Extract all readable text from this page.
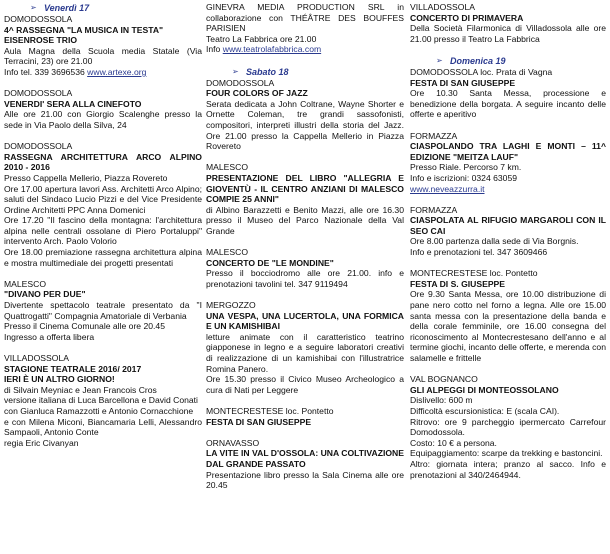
➢ Venerdì 17
DOMODOSSOLA
4^ RASSEGNA "LA MUSICA IN TESTA"
EISENROSE TRIO
Aula Magna della Scuola media Statale (Via Terracini, 23) ore 21.00
Info tel. 339 3696536 www.artexe.org
DOMODOSSOLA
VENERDI' SERA ALLA CINEFOTO
Alle ore 21.00 con Giorgio Scalenghe presso la sede in Via Paolo della Silva, 24
DOMODOSSOLA
RASSEGNA ARCHITETTURA ARCO ALPINO 2010 - 2016
Presso Cappella Mellerio, Piazza Rovereto
Ore 17.00 apertura lavori Ass. Architetti Arco Alpino; saluti del Sindaco Lucio Pizzi e del Vice Presidente Ordine Architetti PPC Anna Domenici
Ore 17.20 "Il fascino della montagna: l'architettura alpina nelle centrali ossolane di Piero Portaluppi" intervento Arch. Paolo Volorio
Ore 18.00 premiazione rassegna architettura alpina e mostra multimediale dei progetti presentati
MALESCO
"DIVANO PER DUE"
Divertente spettacolo teatrale presentato da "I Quattrogatti" Compagnia Amatoriale di Verbania
Presso il Cinema Comunale alle ore 20.45
Ingresso a offerta libera
VILLADOSSOLA
STAGIONE TEATRALE 2016/ 2017
IERI È UN ALTRO GIORNO!
di Silvain Meyniac e Jean Francois Cros
versione italiana di Luca Barcellona e David Conati
con Gianluca Ramazzotti e Antonio Cornacchione
e con Milena Miconi, Biancamaria Lelli, Alessandro Sampaoli, Antonio Conte
regia Eric Civanyan
GINEVRA MEDIA PRODUCTION SRL in collaborazione con THÉÂTRE DES BOUFFES PARISIEN
Teatro La Fabbrica ore 21.00
Info www.teatrolafabbrica.com
➢ Sabato 18
DOMODOSSOLA
FOUR COLORS OF JAZZ
Serata dedicata a John Coltrane, Wayne Shorter e Ornette Coleman, tre grandi sassofonisti, compositori, interpreti illustri della storia del Jazz. Ore 21.00 presso la Cappella Mellerio in Piazza Rovereto
MALESCO
PRESENTAZIONE DEL LIBRO "ALLEGRIA E GIOVENTÙ - IL CENTRO ANZIANI DI MALESCO COMPIE 25 ANNI"
di Albino Barazzetti e Benito Mazzi, alle ore 16.30 presso il Museo del Parco Nazionale della Val Grande
MALESCO
CONCERTO DE "LE MONDINE"
Presso il bocciodromo alle ore 21.00. info e prenotazioni tavolini tel. 347 9119494
MERGOZZO
UNA VESPA, UNA LUCERTOLA, UNA FORMICA E UN KAMISHIBAI
letture animate con il caratteristico teatrino giapponese in legno e a seguire laboratori creativi di realizzazione di un kamishibai con l'illustratrice Romina Panero.
Ore 15.30 presso il Civico Museo Archeologico a cura di Nati per Leggere
MONTECRESTESE loc. Pontetto
FESTA DI SAN GIUSEPPE
ORNAVASSO
LA VITE IN VAL D'OSSOLA: UNA COLTIVAZIONE DAL GRANDE PASSATO
Presentazione libro presso la Sala Cinema alle ore 20.45
VILLADOSSOLA
CONCERTO DI PRIMAVERA
Della Società Filarmonica di Villadossola alle ore 21.00 presso il Teatro La Fabbrica
➢ Domenica 19
DOMODOSSOLA loc. Prata di Vagna
FESTA DI SAN GIUSEPPE
Ore 10.30 Santa Messa, processione e benedizione della borgata. A seguire incanto delle offerte e aperitivo
FORMAZZA
CIASPOLANDO TRA LAGHI E MONTI – 11^ EDIZIONE "MEITZA LAUF"
Presso Riale. Percorso 7 km.
Info e iscrizioni: 0324 63059
www.neveazzurra.it
FORMAZZA
CIASPOLATA AL RIFUGIO MARGAROLI CON IL SEO CAI
Ore 8.00 partenza dalla sede di Via Borgnis.
Info e prenotazioni tel. 347 3609466
MONTECRESTESE loc. Pontetto
FESTA DI S. GIUSEPPE
Ore 9.30 Santa Messa, ore 10.00 distribuzione di pane nero cotto nel forno a legna. Alle ore 15.00 santa messa con la presentazione della banda e della corale femminile, ore 16.00 consegna del riconoscimento al Montecrestesano dell'anno e al termine giochi, incanto delle offerte, e merenda con salamelle e frittelle
VAL BOGNANCO
GLI ALPEGGI DI MONTEOSSOLANO
Dislivello: 600 m
Difficoltà escursionistica: E (scala CAI).
Ritrovo: ore 9 parcheggio ipermercato Carrefour Domodossola.
Costo: 10 € a persona.
Equipaggiamento: scarpe da trekking e bastoncini.
Altro: giornata intera; pranzo al sacco. Info e prenotazioni al 340/2464944.
